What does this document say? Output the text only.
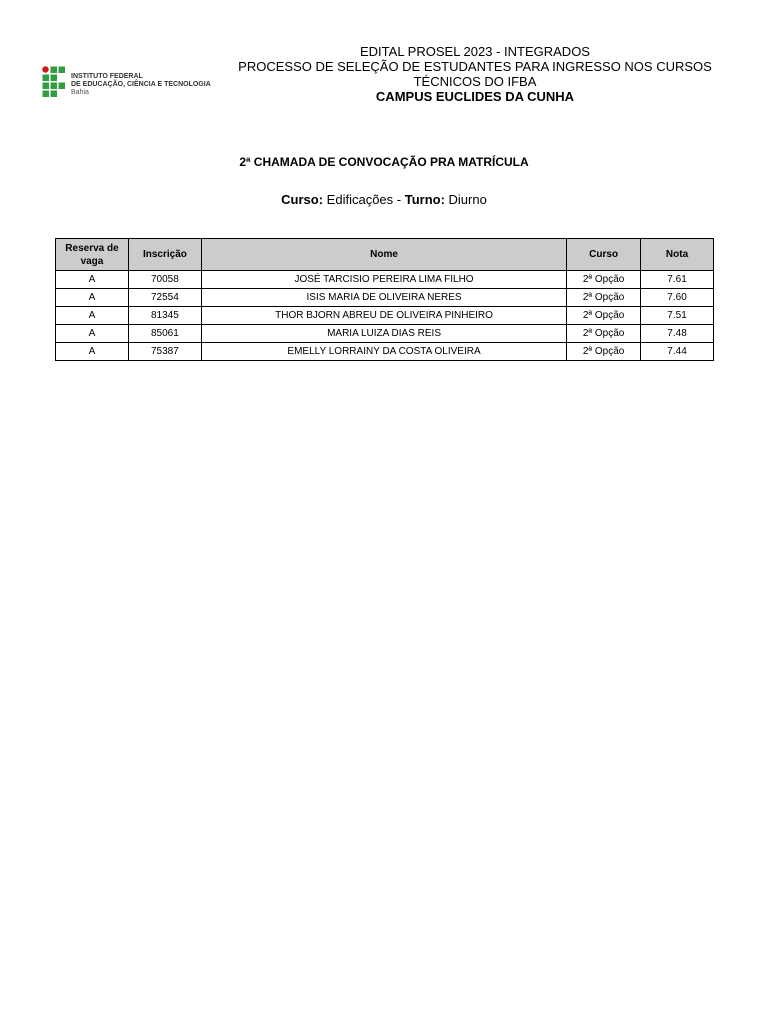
INSTITUTO FEDERAL
DE EDUCAÇÃO, CIÊNCIA E TECNOLOGIA
Bahia
EDITAL PROSEL 2023 - INTEGRADOS
PROCESSO DE SELEÇÃO DE ESTUDANTES PARA INGRESSO NOS CURSOS
TÉCNICOS DO IFBA
CAMPUS EUCLIDES DA CUNHA
2ª CHAMADA DE CONVOCAÇÃO PRA MATRÍCULA
Curso: Edificações - Turno: Diurno
Reserva de vaga	Inscrição	Nome	Curso	Nota
A	70058	JOSÉ TARCISIO PEREIRA LIMA FILHO	2ª Opção	7.61
A	72554	ISIS MARIA DE OLIVEIRA NERES	2ª Opção	7.60
A	81345	THOR BJORN ABREU DE OLIVEIRA PINHEIRO	2ª Opção	7.51
A	85061	MARIA LUIZA DIAS REIS	2ª Opção	7.48
A	75387	EMELLY LORRAINY DA COSTA OLIVEIRA	2ª Opção	7.44
